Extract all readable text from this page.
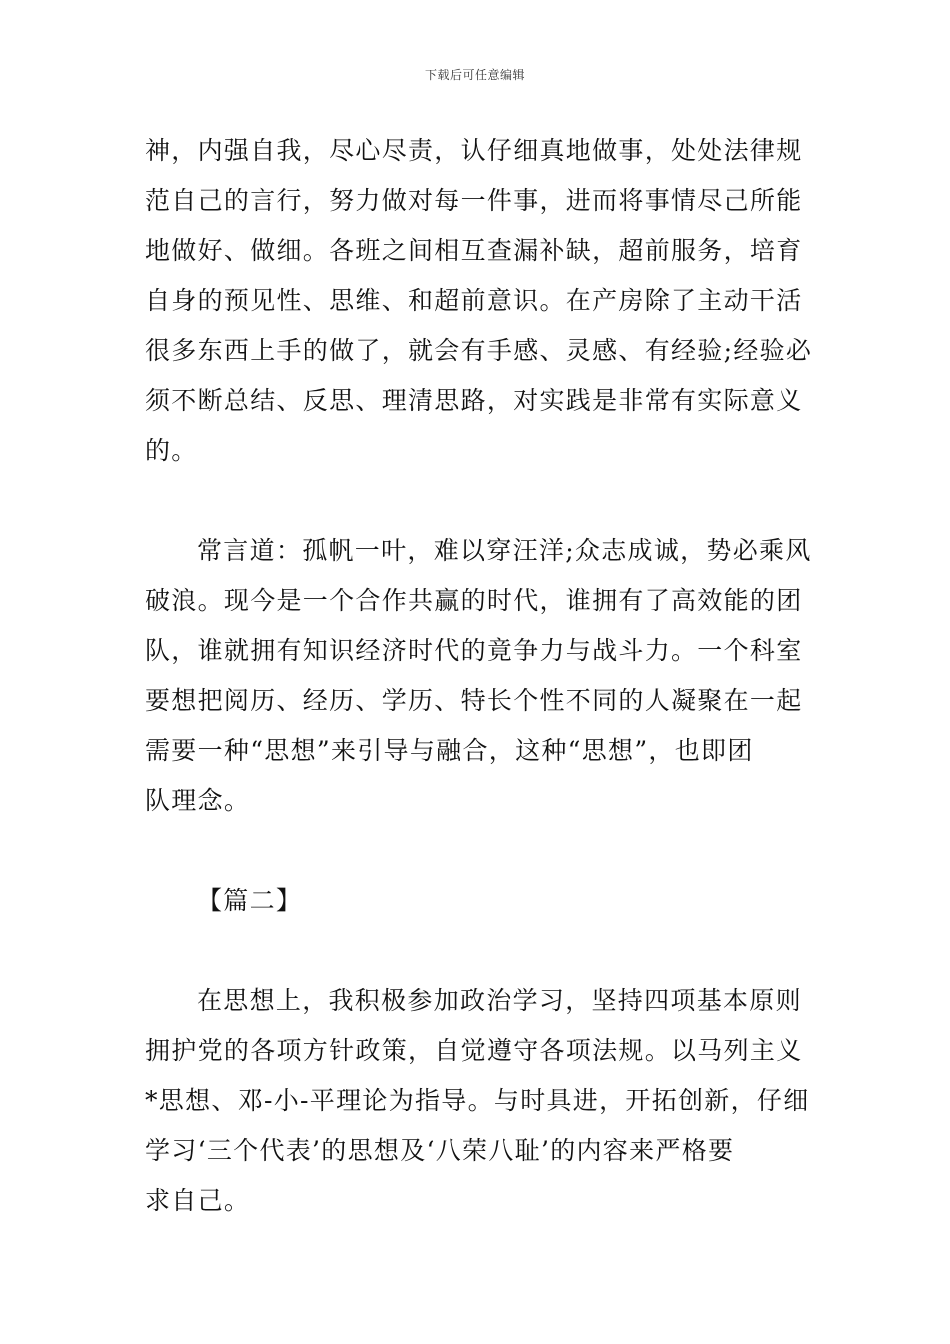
下载后可任意编辑
神，内强自我，尽心尽责，认仔细真地做事，处处法律规
范自己的言行，努力做对每一件事，进而将事情尽己所能
地做好、做细。各班之间相互查漏补缺，超前服务，培育
自身的预见性、思维、和超前意识。在产房除了主动干活
很多东西上手的做了，就会有手感、灵感、有经验;经验必
须不断总结、反思、理清思路，对实践是非常有实际意义
的。
常言道：孤帆一叶，难以穿汪洋;众志成诚，势必乘风
破浪。现今是一个合作共赢的时代，谁拥有了高效能的团
队，谁就拥有知识经济时代的竟争力与战斗力。一个科室
要想把阅历、经历、学历、特长个性不同的人凝聚在一起
需要一种“思想”来引导与融合，这种“思想”，也即团
队理念。
【篇二】
在思想上，我积极参加政治学习，坚持四项基本原则
拥护党的各项方针政策，自觉遵守各项法规。以马列主义
*思想、邓-小-平理论为指导。与时具进，开拓创新，仔细
学习‘三个代表’的思想及‘八荣八耻’的内容来严格要
求自己。
